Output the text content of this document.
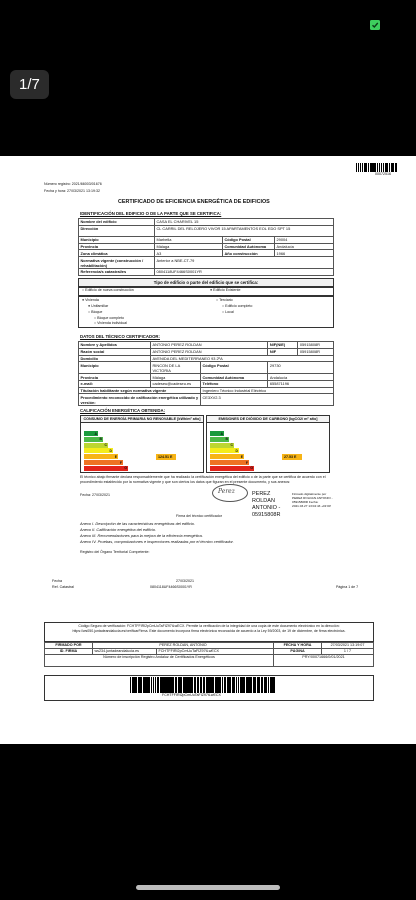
1/7
00072516
Número registro: 2021/66003/01676
Fecha y hora: 27/03/2021 13:19:32
CERTIFICADO DE EFICIENCIA ENERGÉTICA DE EDIFICIOS
IDENTIFICACIÓN DEL EDIFICIO O DE LA PARTE QUE SE CERTIFICA:
Nombre del edificio	CASA EL CHARIVEL 15		
Dirección	CL CARRIL DEL RELOJERO VIVOR 15 APARTAMENTOS EOL EDO SPT 15		
Municipio	Marbella	Código Postal	29004
Provincia	Málaga	Comunidad Autónoma	Andalucía
Zona climática	A3	Año construcción	1966
Normativa vigente (construcción / rehabilitación)	Anterior a NBE-CT-79		
Referencia/s catastral/es	0804118UF4466S0001YR		
Tipo de edificio o parte del edificio que se certifica:
○ Edificio de nueva construcción	● Edificio Existente
● Vivienda
● Unifamiliar
○ Bloque
○ Bloque completo
○ Vivienda individual
○ Terciario
○ Edificio completo
○ Local
DATOS DEL TÉCNICO CERTIFICADOR:
Nombre y Apellidos	ANTONIO PEREZ ROLDAN		NIF(NIE)	05915808R
Razón social	ANTONIO PEREZ ROLDAN		NIF	05915808R
Domicilio	AVENIDA DEL MEDITERRANEO 93 2ºA			
Municipio	RINCON DE LA VICTORIA	Código Postal	29730	
Provincia	Málaga	Comunidad Autónoma	Andalucía	
e-mail:	cadeseu@cadeseu.es	Teléfono	655871196	
Titulación habilitante según normativa vigente		Ingeniero Técnico Industrial Eléctrico		
Procedimiento reconocido de calificación energética utilizado y versión:		CE3XV2.3		
CALIFICACIÓN ENERGÉTICA OBTENIDA:
CONSUMO DE ENERGÍA PRIMARIA NO RENOVABLE [kWh/m² año]	EMISIONES DE DIÓXIDO DE CARBONO [kgCO2/ m² año]
El técnico abajo firmante declara responsablemente que ha realizado la certificación energética del edificio o de la parte que se certifica de acuerdo con el procedimiento establecido por la normativa vigente y que son ciertos los datos que figuran en el presente documento, y sus anexos:
Fecha: 27/03/2021	Perez	PEREZ ROLDAN ANTONIO - 05915808R
Firmado digitalmente por PEREZ ROLDAN ANTONIO - 05915808R Fecha: 2021.03.27 13:04:43 +01'00'
Firma del técnico certificador
Anexo I. Descripción de las características energéticas del edificio.
Anexo II. Calificación energética del edificio.
Anexo III. Recomendaciones para la mejora de la eficiencia energética.
Anexo IV. Pruebas, comprobaciones e inspecciones realizadas por el técnico certificador.
Registro del Órgano Territorial Competente:
Fecha	27/03/2021
Ref. Catastral	0804118UF4466S0001YR	Página 1 de 7
Código Seguro de verificación: FCHTFFIRI2pCmUuTaFIZ97tLwECX. Permite la verificación de la integridad de una copia de este documento electrónico en la dirección: https://ws050.juntadeandalucia.es/verificarFirma. Este documento incorpora firma electrónica reconocida de acuerdo a la Ley 59/2003, de 19 de diciembre, de firma electrónica.
FIRMADO POR	PEREZ ROLDAN, ANTONIO		FECHA Y HORA	27/03/2021 13:19:07
ID. FIRMA	ws234.juntadeandalucia.es	FCHTFFIRI2pCmUuTaFIZ97tLwECX	PÁGINA	1 / 7
Número de inscripción Registro Andaluz de Certificados Energéticos			PRY/00071666/0/01/2021	
FCHTFFIRI2pCmUuTaFIZ97tLwECX
A
B
C
D
E
F
G
124.51 E
A
B
C
D
E
F
G
27.53 E
